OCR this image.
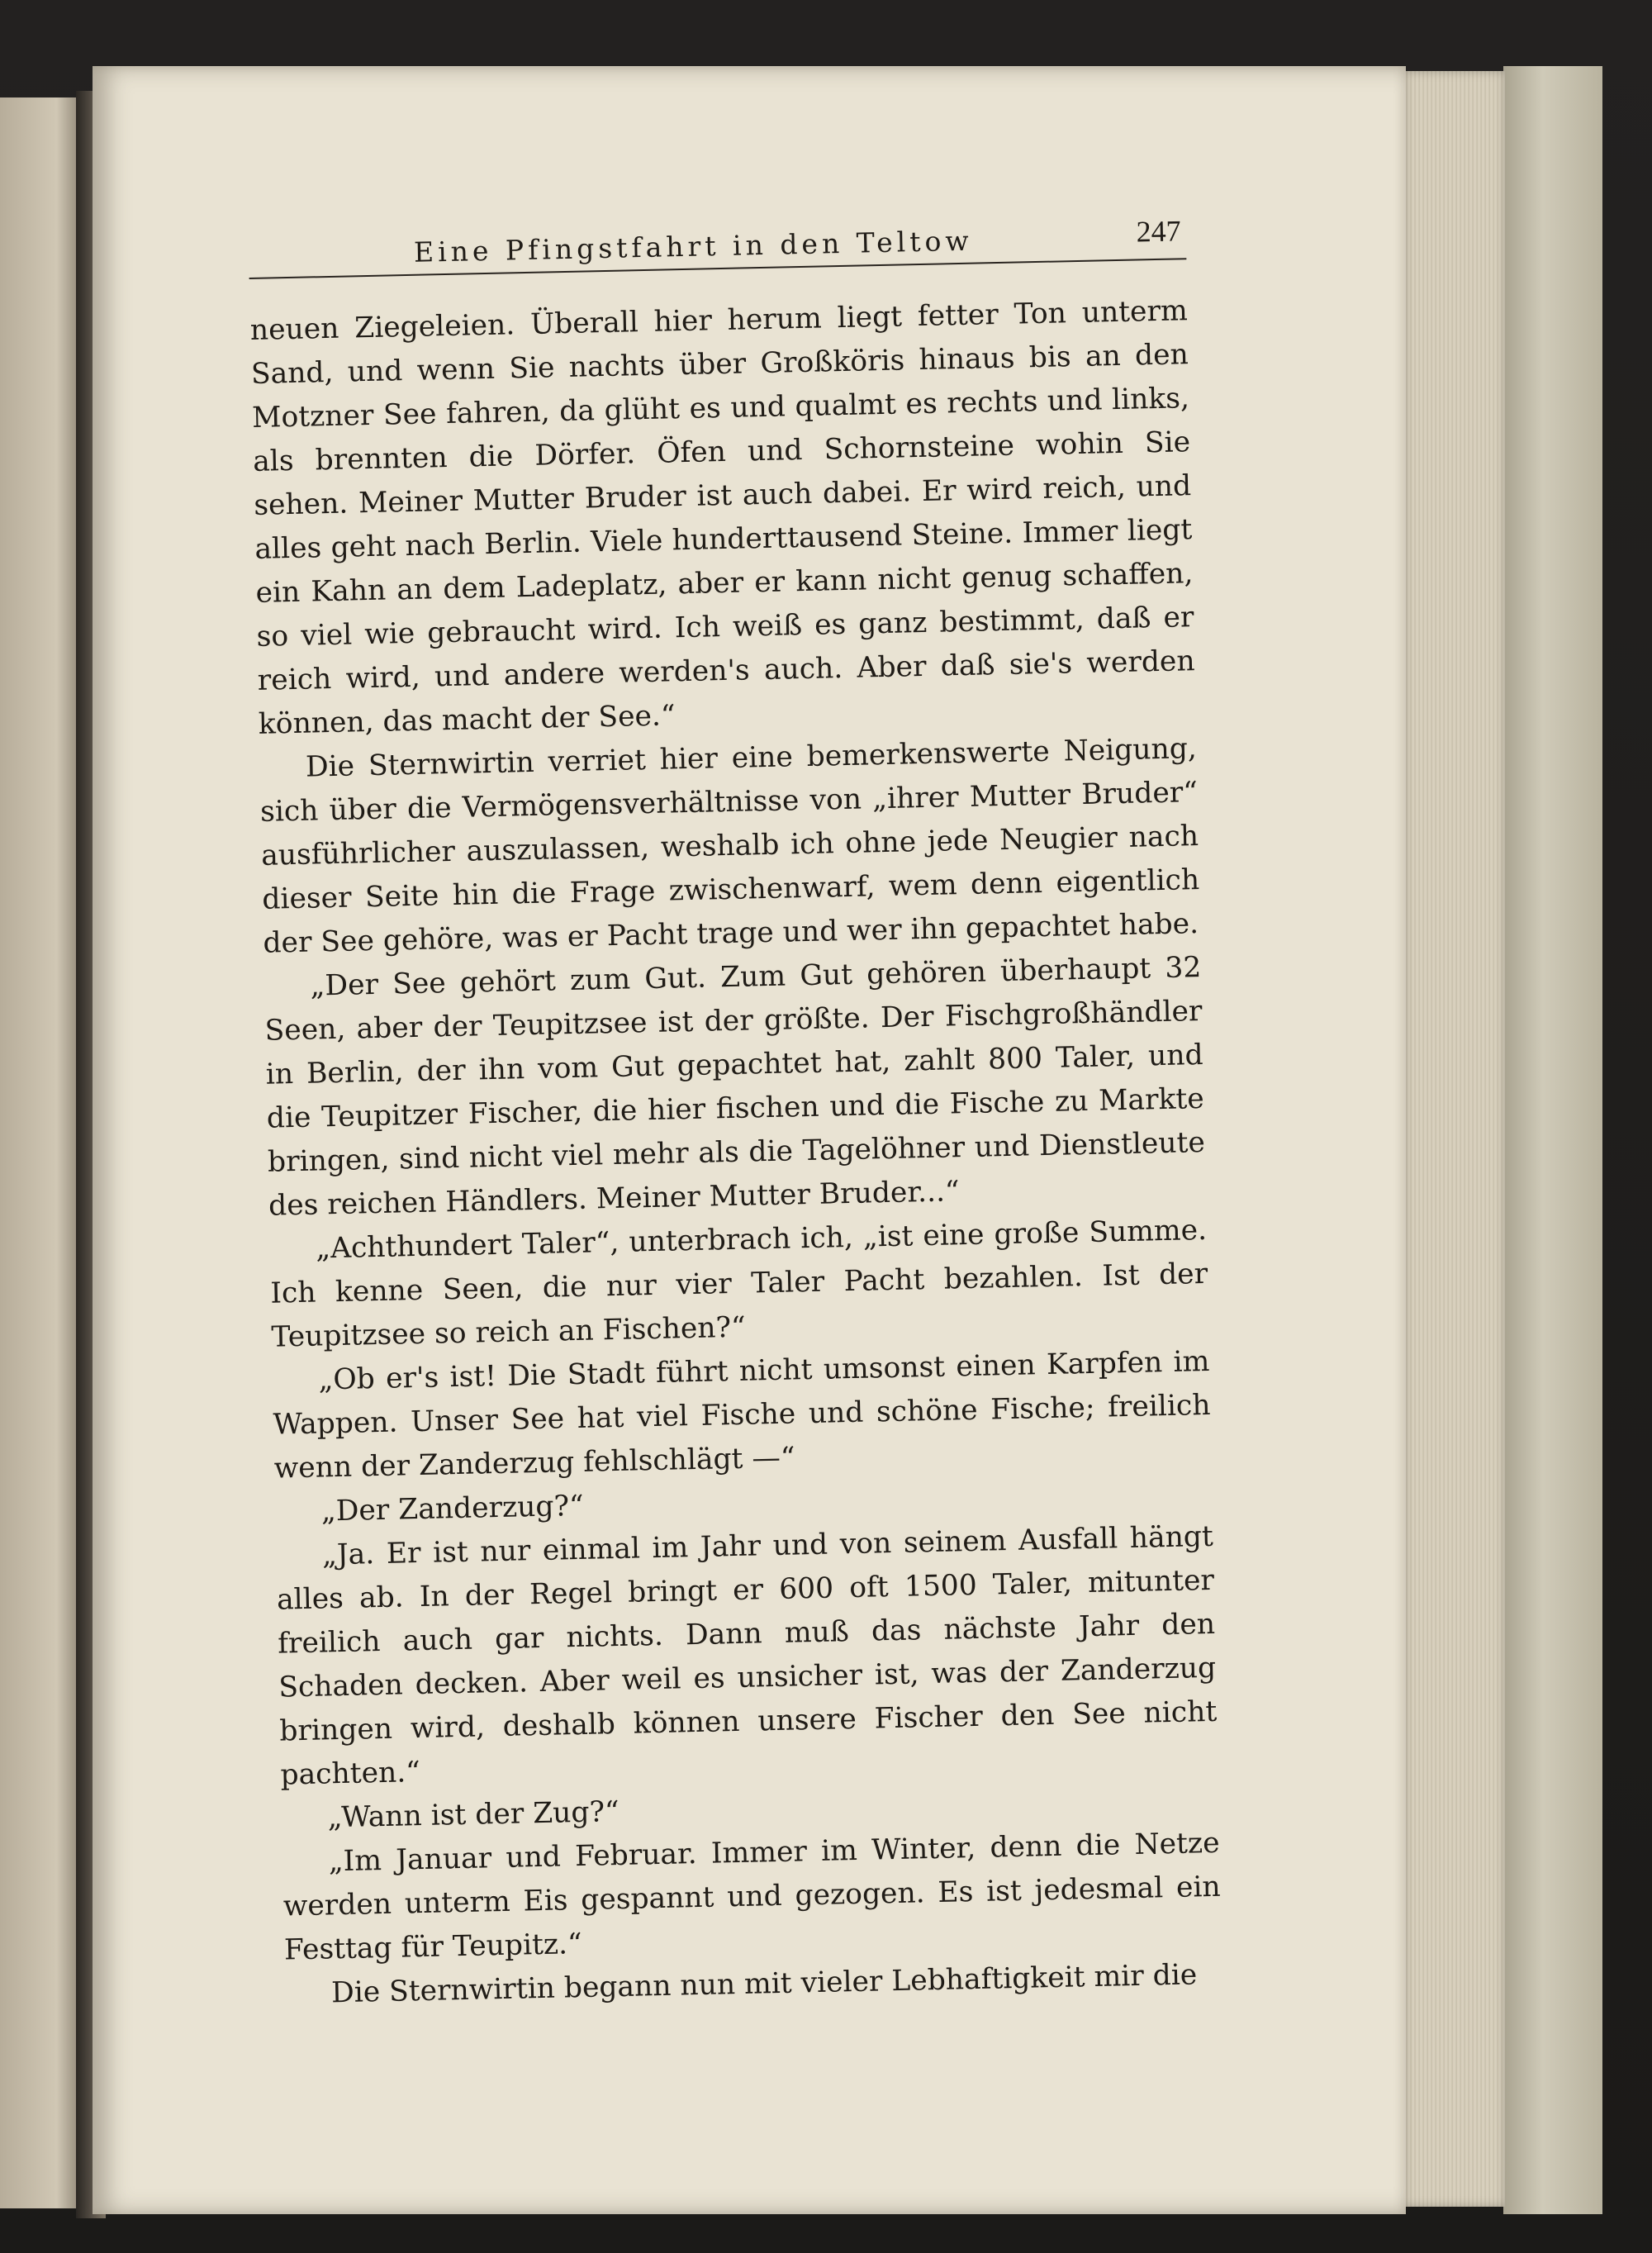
Eine Pfingstfahrt in den Teltow	247

neuen Ziegeleien. Überall hier herum liegt fetter Ton unterm Sand, und wenn Sie nachts über Großköris hinaus bis an den Motzner See fahren, da glüht es und qualmt es rechts und links, als brennten die Dörfer. Öfen und Schornsteine wohin Sie sehen. Meiner Mutter Bruder ist auch dabei. Er wird reich, und alles geht nach Berlin. Viele hunderttausend Steine. Immer liegt ein Kahn an dem Ladeplatz, aber er kann nicht genug schaffen, so viel wie gebraucht wird. Ich weiß es ganz bestimmt, daß er reich wird, und andere werden's auch. Aber daß sie's werden können, das macht der See.“

Die Sternwirtin verriet hier eine bemerkenswerte Neigung, sich über die Vermögensverhältnisse von „ihrer Mutter Bruder“ ausführlicher auszulassen, weshalb ich ohne jede Neugier nach dieser Seite hin die Frage zwischenwarf, wem denn eigentlich der See gehöre, was er Pacht trage und wer ihn gepachtet habe.

„Der See gehört zum Gut. Zum Gut gehören überhaupt 32 Seen, aber der Teupitzsee ist der größte. Der Fischgroßhändler in Berlin, der ihn vom Gut gepachtet hat, zahlt 800 Taler, und die Teupitzer Fischer, die hier fischen und die Fische zu Markte bringen, sind nicht viel mehr als die Tagelöhner und Dienstleute des reichen Händlers. Meiner Mutter Bruder...“

„Achthundert Taler“, unterbrach ich, „ist eine große Summe. Ich kenne Seen, die nur vier Taler Pacht bezahlen. Ist der Teupitzsee so reich an Fischen?“

„Ob er's ist! Die Stadt führt nicht umsonst einen Karpfen im Wappen. Unser See hat viel Fische und schöne Fische; freilich wenn der Zanderzug fehlschlägt —“

„Der Zanderzug?“

„Ja. Er ist nur einmal im Jahr und von seinem Ausfall hängt alles ab. In der Regel bringt er 600 oft 1500 Taler, mitunter freilich auch gar nichts. Dann muß das nächste Jahr den Schaden decken. Aber weil es unsicher ist, was der Zanderzug bringen wird, deshalb können unsere Fischer den See nicht pachten.“

„Wann ist der Zug?“

„Im Januar und Februar. Immer im Winter, denn die Netze werden unterm Eis gespannt und gezogen. Es ist jedesmal ein Festtag für Teupitz.“

Die Sternwirtin begann nun mit vieler Lebhaftigkeit mir die
